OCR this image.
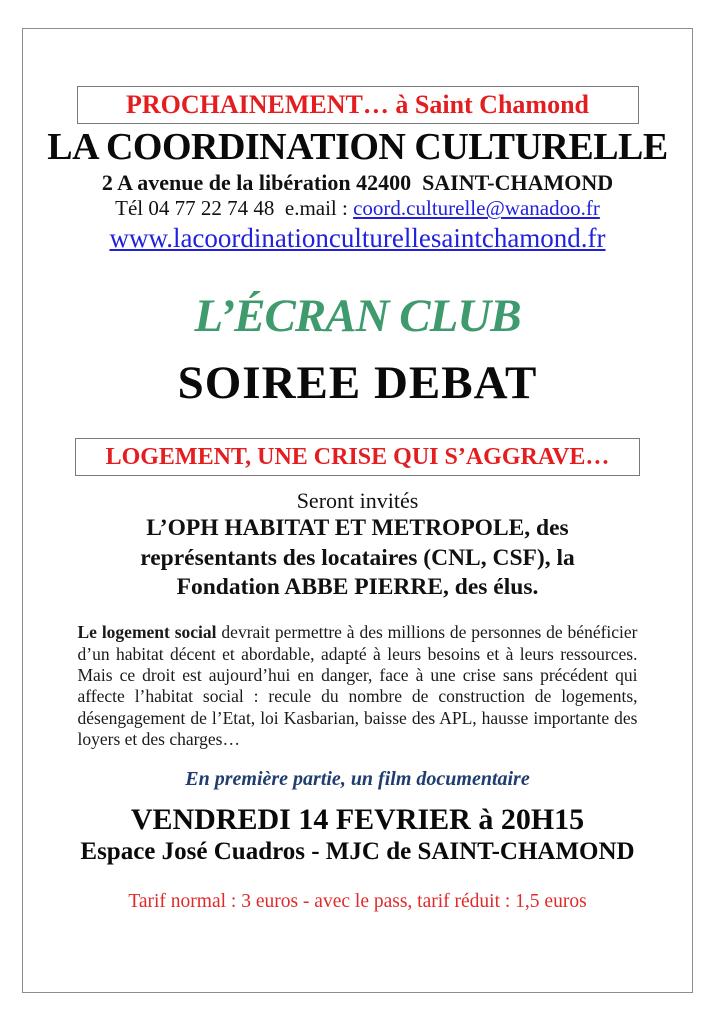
PROCHAINEMENT… à Saint Chamond
LA COORDINATION CULTURELLE
2 A avenue de la libération 42400  SAINT-CHAMOND
Tél 04 77 22 74 48  e.mail : coord.culturelle@wanadoo.fr
www.lacoordinationculturellesaintchamond.fr
L’ÉCRAN CLUB
SOIREE DEBAT
LOGEMENT, UNE CRISE QUI S’AGGRAVE…
Seront invités
L’OPH HABITAT ET METROPOLE, des
représentants des locataires (CNL, CSF), la
Fondation ABBE PIERRE, des élus.
Le logement social devrait permettre à des millions de personnes de bénéficier d’un habitat décent et abordable, adapté à leurs besoins et à leurs ressources. Mais ce droit est aujourd’hui en danger, face à une crise sans précédent qui affecte l’habitat social : recule du nombre de construction de logements, désengagement de l’Etat, loi Kasbarian, baisse des APL, hausse importante des loyers et des charges…
En première partie, un film documentaire
VENDREDI 14 FEVRIER à 20H15
Espace José Cuadros - MJC de SAINT-CHAMOND
Tarif normal : 3 euros - avec le pass, tarif réduit : 1,5 euros
